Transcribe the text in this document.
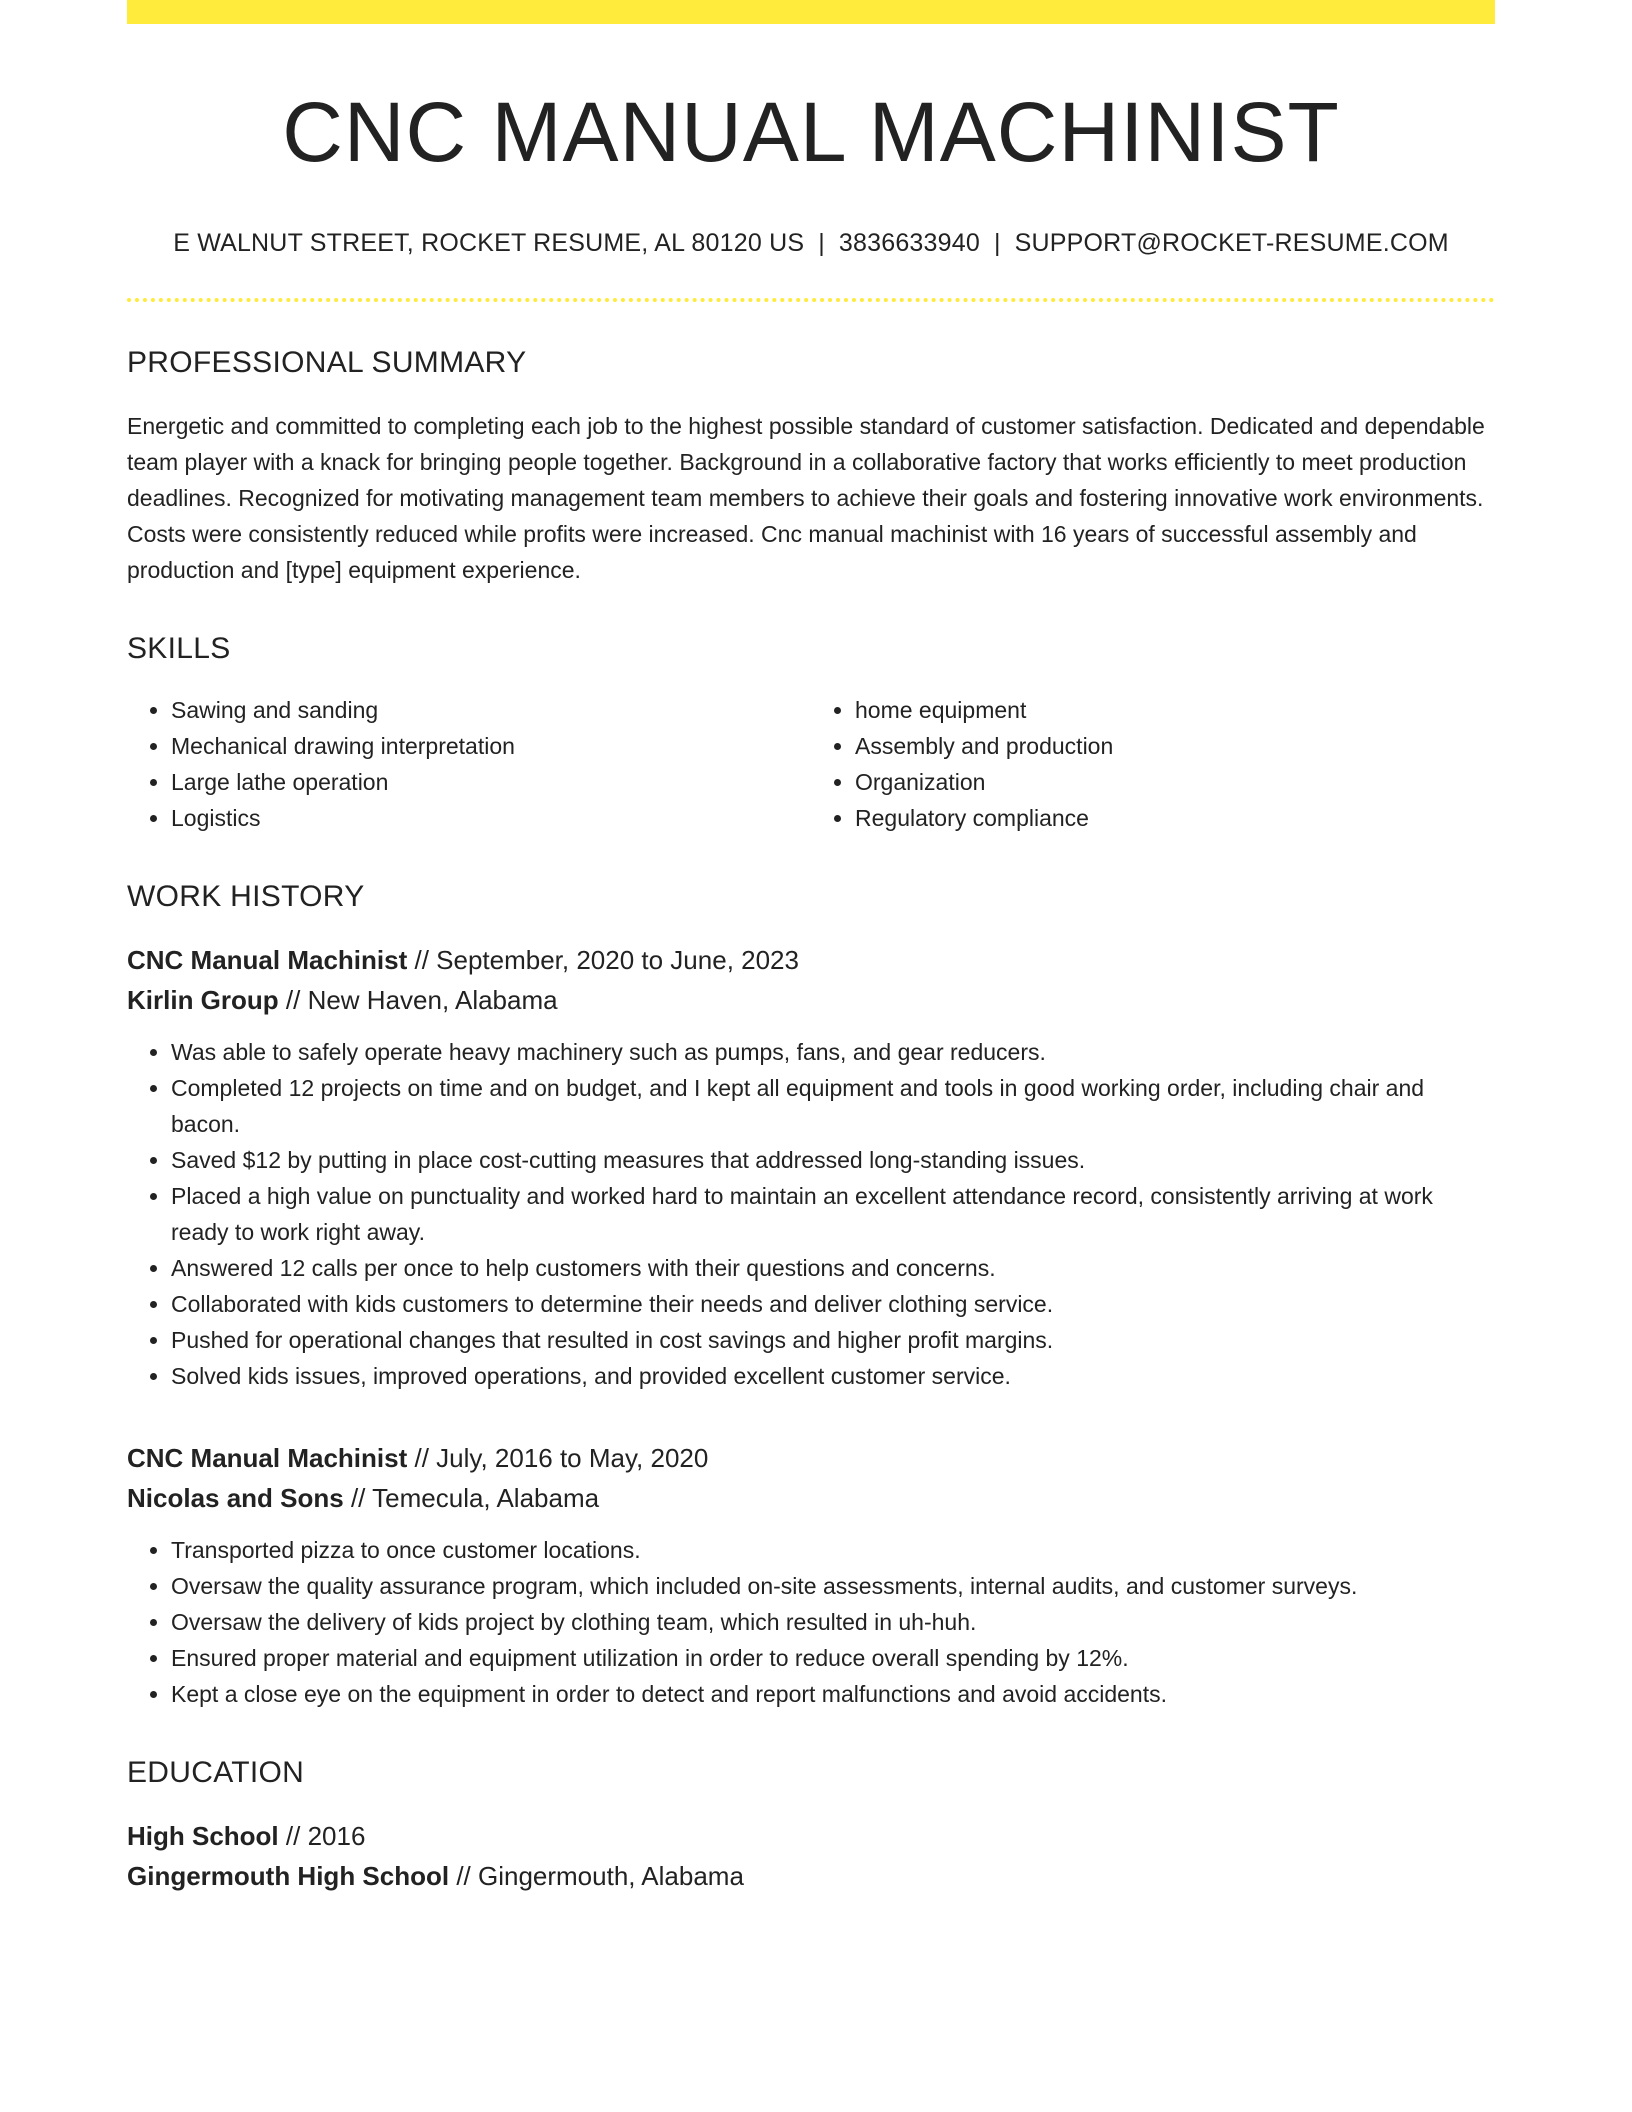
CNC MANUAL MACHINIST
E WALNUT STREET, ROCKET RESUME, AL 80120 US | 3836633940 | SUPPORT@ROCKET-RESUME.COM
PROFESSIONAL SUMMARY
Energetic and committed to completing each job to the highest possible standard of customer satisfaction. Dedicated and dependable team player with a knack for bringing people together. Background in a collaborative factory that works efficiently to meet production deadlines. Recognized for motivating management team members to achieve their goals and fostering innovative work environments. Costs were consistently reduced while profits were increased. Cnc manual machinist with 16 years of successful assembly and production and [type] equipment experience.
SKILLS
• Sawing and sanding
• Mechanical drawing interpretation
• Large lathe operation
• Logistics
• home equipment
• Assembly and production
• Organization
• Regulatory compliance
WORK HISTORY
CNC Manual Machinist // September, 2020 to June, 2023
Kirlin Group // New Haven, Alabama
• Was able to safely operate heavy machinery such as pumps, fans, and gear reducers.
• Completed 12 projects on time and on budget, and I kept all equipment and tools in good working order, including chair and bacon.
• Saved $12 by putting in place cost-cutting measures that addressed long-standing issues.
• Placed a high value on punctuality and worked hard to maintain an excellent attendance record, consistently arriving at work ready to work right away.
• Answered 12 calls per once to help customers with their questions and concerns.
• Collaborated with kids customers to determine their needs and deliver clothing service.
• Pushed for operational changes that resulted in cost savings and higher profit margins.
• Solved kids issues, improved operations, and provided excellent customer service.
CNC Manual Machinist // July, 2016 to May, 2020
Nicolas and Sons // Temecula, Alabama
• Transported pizza to once customer locations.
• Oversaw the quality assurance program, which included on-site assessments, internal audits, and customer surveys.
• Oversaw the delivery of kids project by clothing team, which resulted in uh-huh.
• Ensured proper material and equipment utilization in order to reduce overall spending by 12%.
• Kept a close eye on the equipment in order to detect and report malfunctions and avoid accidents.
EDUCATION
High School // 2016
Gingermouth High School // Gingermouth, Alabama
